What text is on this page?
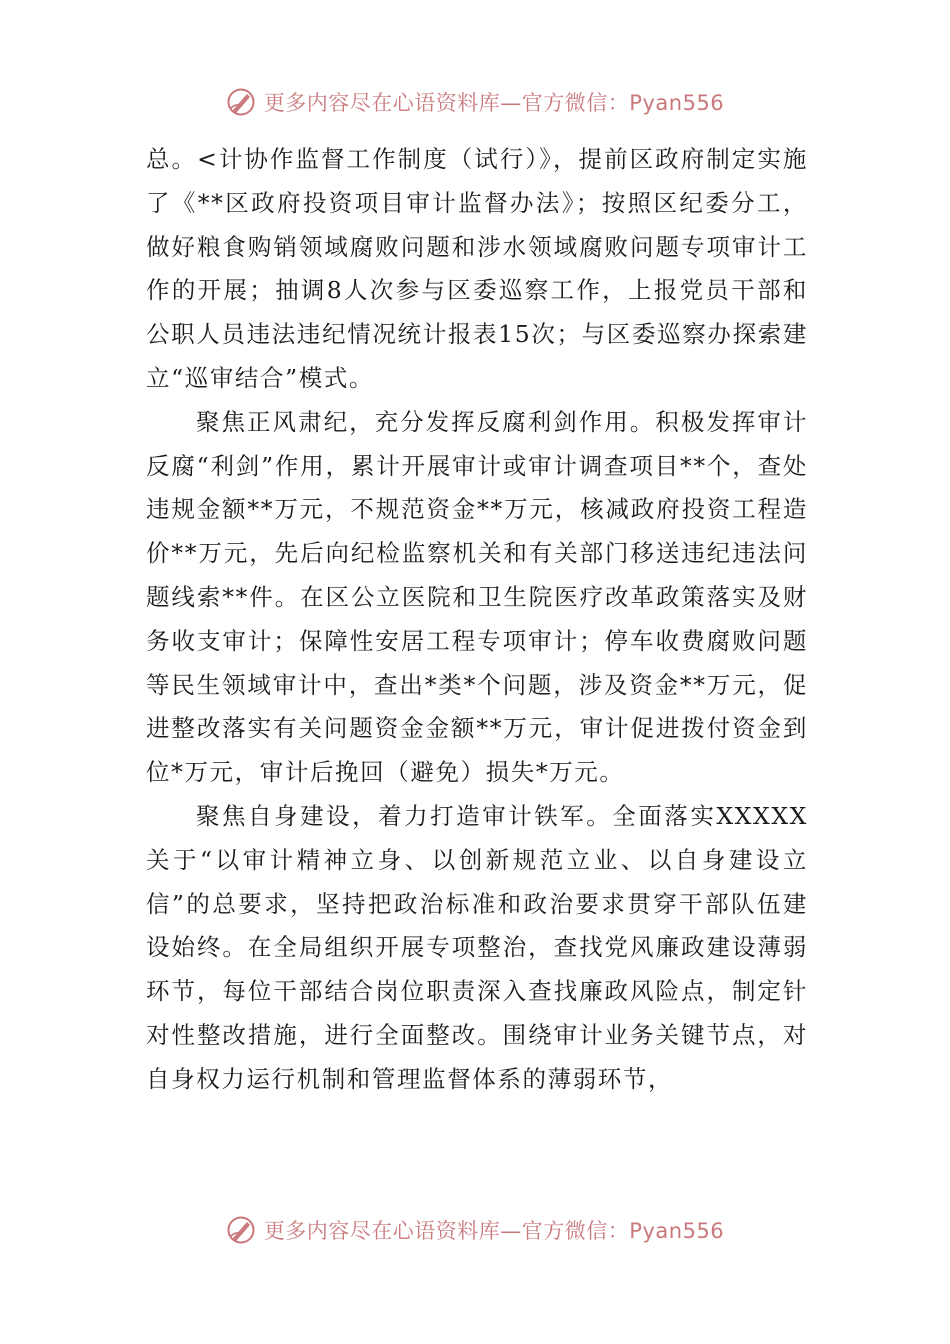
更多内容尽在心语资料库—官方微信：Pyan556

总。<计协作监督工作制度（试行）》，提前区政府制定实施了《**区政府投资项目审计监督办法》；按照区纪委分工，做好粮食购销领域腐败问题和涉水领域腐败问题专项审计工作的开展；抽调8人次参与区委巡察工作，上报党员干部和公职人员违法违纪情况统计报表15次；与区委巡察办探索建立“巡审结合”模式。

聚焦正风肃纪，充分发挥反腐利剑作用。积极发挥审计反腐“利剑”作用，累计开展审计或审计调查项目**个，查处违规金额**万元，不规范资金**万元，核减政府投资工程造价**万元，先后向纪检监察机关和有关部门移送违纪违法问题线索**件。在区公立医院和卫生院医疗改革政策落实及财务收支审计；保障性安居工程专项审计；停车收费腐败问题等民生领域审计中，查出*类*个问题，涉及资金**万元，促进整改落实有关问题资金金额**万元，审计促进拨付资金到位*万元，审计后挽回（避免）损失*万元。

聚焦自身建设，着力打造审计铁军。全面落实XXXXX关于“以审计精神立身、以创新规范立业、以自身建设立信”的总要求，坚持把政治标准和政治要求贯穿干部队伍建设始终。在全局组织开展专项整治，查找党风廉政建设薄弱环节，每位干部结合岗位职责深入查找廉政风险点，制定针对性整改措施，进行全面整改。围绕审计业务关键节点，对自身权力运行机制和管理监督体系的薄弱环节，

更多内容尽在心语资料库—官方微信：Pyan556
